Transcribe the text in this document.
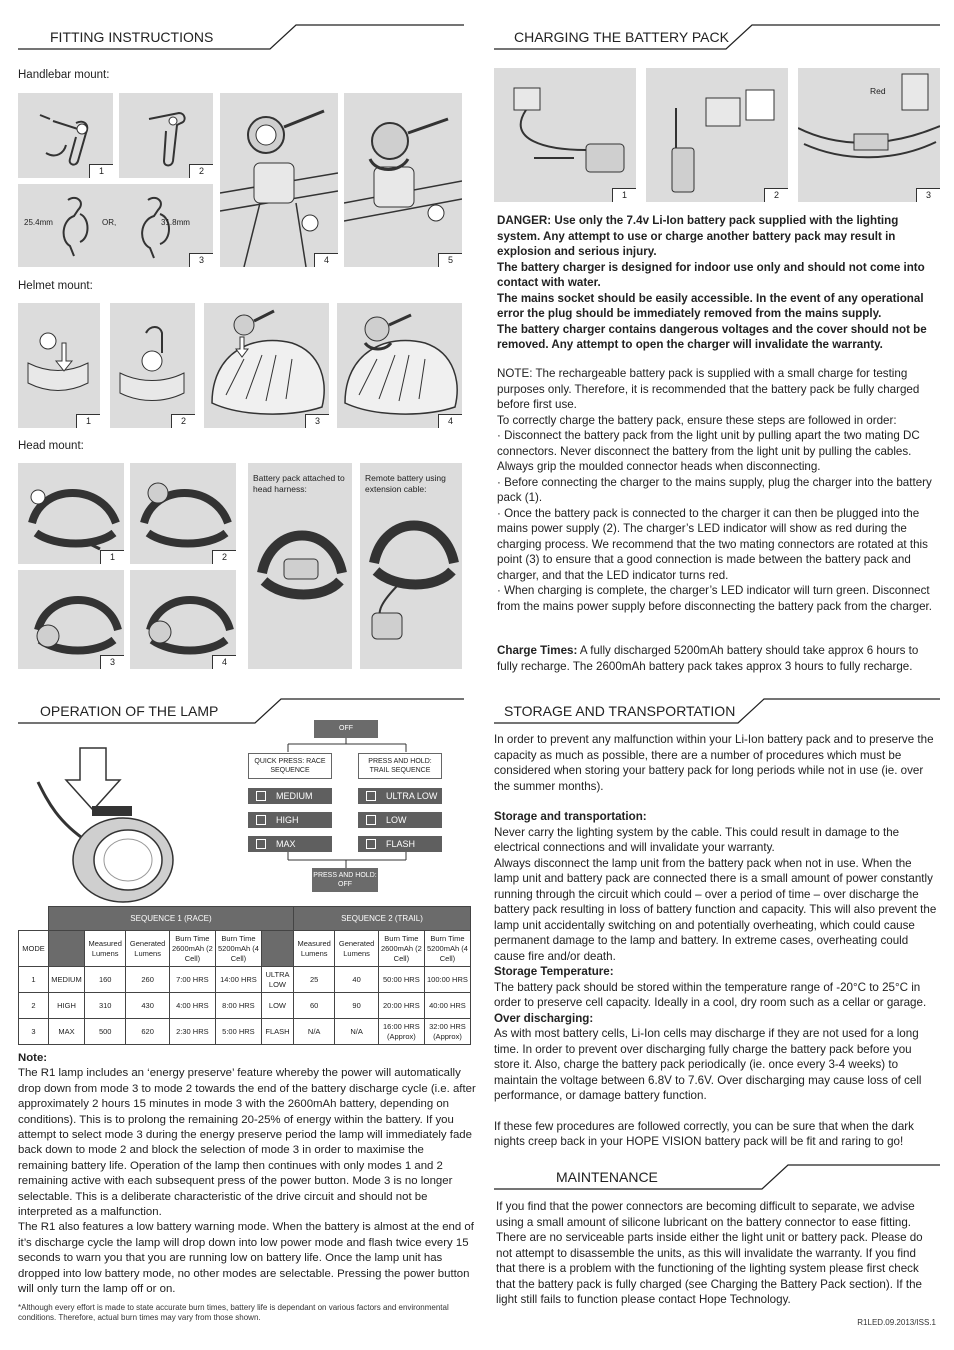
FITTING INSTRUCTIONS	CHARGING THE BATTERY PACK
OPERATION OF THE LAMP	STORAGE AND TRANSPORTATION
MAINTENANCE
Handlebar mount:
1	2
25.4mm	OR,	31.8mm
3	4	5
Helmet mount:
1	2	3	4
Head mount:
1	2
3	4
Battery pack attached to head harness:
Remote battery using extension cable:
1	2
Red
3

DANGER: Use only the 7.4v Li-Ion battery pack supplied with the lighting system. Any attempt to use or charge another battery pack may result in explosion and serious injury.

The battery charger is designed for indoor use only and should not come into contact with water.

The mains socket should be easily accessible. In the event of any operational error the plug should be immediately removed from the mains supply.

The battery charger contains dangerous voltages and the cover should not be removed. Any attempt to open the charger will invalidate the warranty.

NOTE: The rechargeable battery pack is supplied with a small charge for testing purposes only. Therefore, it is recommended that the battery pack be fully charged before first use.

To correctly charge the battery pack, ensure these steps are followed in order:

· Disconnect the battery pack from the light unit by pulling apart the two mating DC connectors. Never disconnect the battery from the light unit by pulling the cables. Always grip the moulded connector heads when disconnecting.

· Before connecting the charger to the mains supply, plug the charger into the battery pack (1).

· Once the battery pack is connected to the charger it can then be plugged into the mains power supply (2). The charger’s LED indicator will show as red during the charging process. We recommend that the two mating connectors are rotated at this point (3) to ensure that a good connection is made between the battery pack and charger, and that the LED indicator turns red.

· When charging is complete, the charger’s LED indicator will turn green. Disconnect from the mains power supply before disconnecting the battery pack from the charger.

Charge Times: A fully discharged 5200mAh battery should take approx 6 hours to fully recharge. The 2600mAh battery pack takes approx 3 hours to fully recharge.
OFF
QUICK PRESS: RACE SEQUENCE
PRESS AND HOLD: TRAIL SEQUENCE
MEDIUM
HIGH
MAX
ULTRA LOW
LOW
FLASH
PRESS AND HOLD: OFF
	SEQUENCE 1 (RACE)						SEQUENCE 2 (TRAIL)			
MODE		Measured Lumens	Generated Lumens	Burn Time 2600mAh (2 Cell)	Burn Time 5200mAh (4 Cell)		Measured Lumens	Generated Lumens	Burn Time 2600mAh (2 Cell)	Burn Time 5200mAh (4 Cell)
1	MEDIUM	160	260	7:00 HRS	14:00 HRS	ULTRA LOW	25	40	50:00 HRS	100:00 HRS
2	HIGH	310	430	4:00 HRS	8:00 HRS	LOW	60	90	20:00 HRS	40:00 HRS
3	MAX	500	620	2:30 HRS	5:00 HRS	FLASH	N/A	N/A	16:00 HRS (Approx)	32:00 HRS (Approx)

Note:

The R1 lamp includes an ‘energy preserve’ feature whereby the power will automatically drop down from mode 3 to mode 2 towards the end of the battery discharge cycle (i.e. after approximately 2 hours 15 minutes in mode 3 with the 2600mAh battery, depending on conditions). This is to prolong the remaining 20-25% of energy within the battery. If you attempt to select mode 3 during the energy preserve period the lamp will immediately fade back down to mode 2 and block the selection of mode 3 in order to maximise the remaining battery life. Operation of the lamp then continues with only modes 1 and 2 remaining active with each subsequent press of the power button. Mode 3 is no longer selectable. This is a deliberate characteristic of the drive circuit and should not be interpreted as a malfunction.

The R1 also features a low battery warning mode. When the battery is almost at the end of it’s discharge cycle the lamp will drop down into low power mode and flash twice every 15 seconds to warn you that you are running low on battery life. Once the lamp unit has dropped into low battery mode, no other modes are selectable. Pressing the power button will only turn the lamp off or on.

*Although every effort is made to state accurate burn times, battery life is dependant on various factors and environmental conditions. Therefore, actual burn times may vary from those shown.

In order to prevent any malfunction within your Li-Ion battery pack and to preserve the capacity as much as possible, there are a number of procedures which must be considered when storing your battery pack for long periods while not in use (ie. over the summer months).

Storage and transportation:

Never carry the lighting system by the cable. This could result in damage to the electrical connections and will invalidate your warranty.

Always disconnect the lamp unit from the battery pack when not in use. When the lamp unit and battery pack are connected there is a small amount of power constantly running through the circuit which could – over a period of time – over discharge the battery pack resulting in loss of battery function and capacity. This will also prevent the lamp unit accidentally switching on and potentially overheating, which could cause permanent damage to the lamp and battery. In extreme cases, overheating could cause fire and/or death.

Storage Temperature:

The battery pack should be stored within the temperature range of -20°C to 25°C in order to preserve cell capacity. Ideally in a cool, dry room such as a cellar or garage.

Over discharging:

As with most battery cells, Li-Ion cells may discharge if they are not used for a long time. In order to prevent over discharging fully charge the battery pack before you store it. Also, charge the battery pack periodically (ie. once every 3-4 weeks) to maintain the voltage between 6.8V to 7.6V. Over discharging may cause loss of cell performance, or damage battery function.

If these few procedures are followed correctly, you can be sure that when the dark nights creep back in your HOPE VISION battery pack will be fit and raring to go!

If you find that the power connectors are becoming difficult to separate, we advise using a small amount of silicone lubricant on the battery connector to ease fitting. There are no serviceable parts inside either the light unit or battery pack. Please do not attempt to disassemble the units, as this will invalidate the warranty. If you find that there is a problem with the functioning of the lighting system please first check that the battery pack is fully charged (see Charging the Battery Pack section). If the light still fails to function please contact Hope Technology.
R1LED.09.2013/ISS.1
